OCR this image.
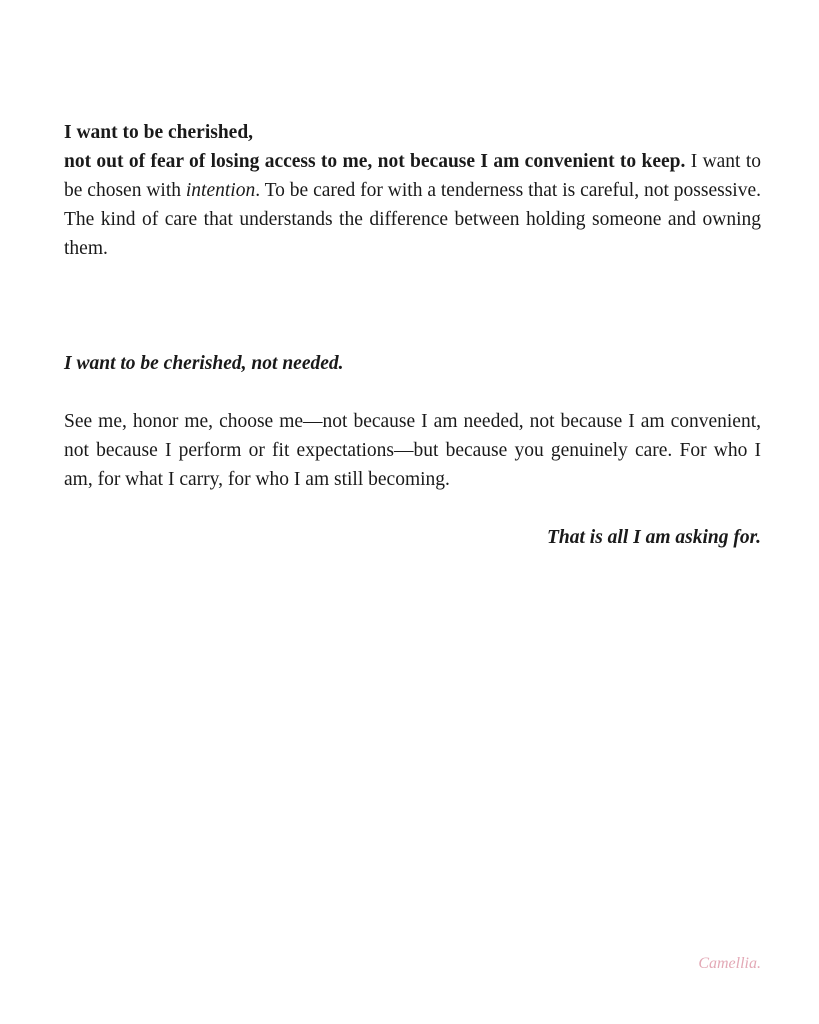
I want to be cherished,
not out of fear of losing access to me, not because I am convenient to keep. I want to be chosen with intention. To be cared for with a tenderness that is careful, not possessive. The kind of care that understands the difference between holding someone and owning them.

I want to be cherished, not needed.

See me, honor me, choose me—not because I am needed, not because I am convenient, not because I perform or fit expectations—but because you genuinely care. For who I am, for what I carry, for who I am still becoming.

That is all I am asking for.

Camellia.
